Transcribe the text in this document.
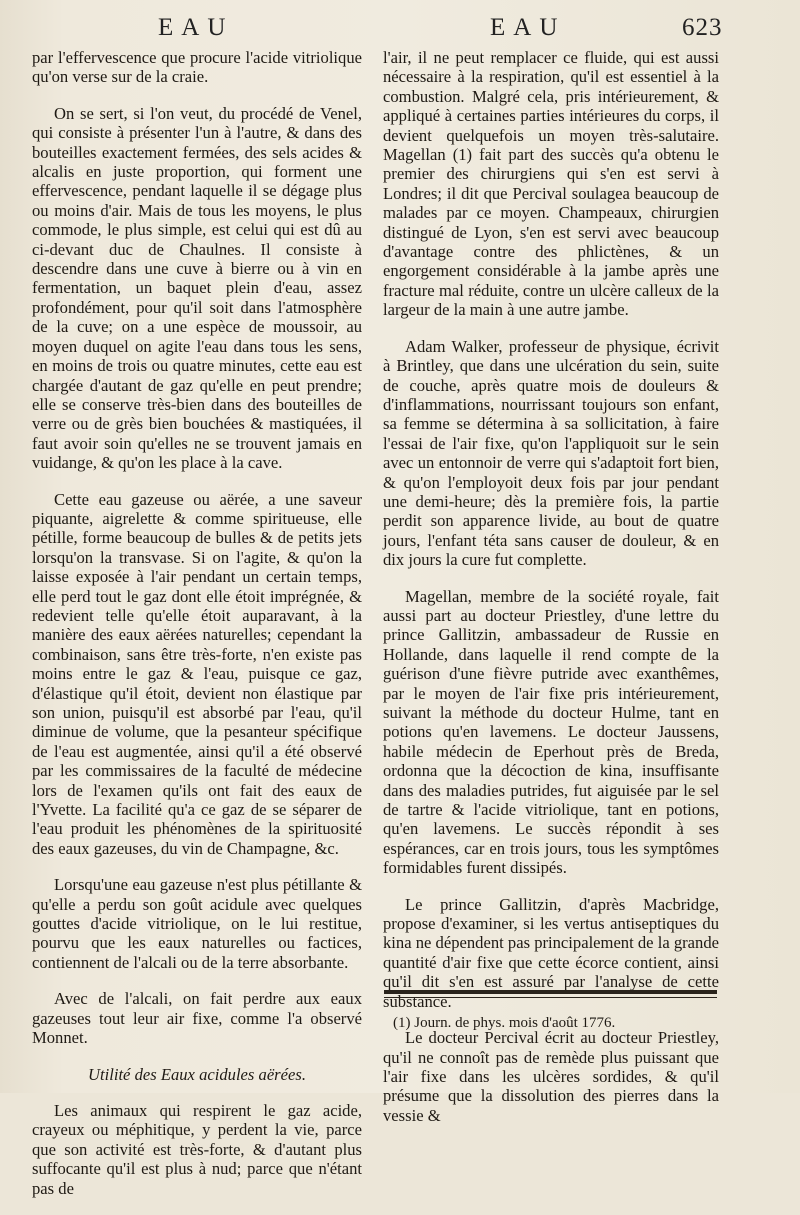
EAU	EAU	623

par l'effervescence que procure l'acide vitriolique qu'on verse sur de la craie.

On se sert, si l'on veut, du procédé de Venel, qui consiste à présenter l'un à l'autre, & dans des bouteilles exactement fermées, des sels acides & alcalis en juste proportion, qui forment une effervescence, pendant laquelle il se dégage plus ou moins d'air. Mais de tous les moyens, le plus commode, le plus simple, est celui qui est dû au ci-devant duc de Chaulnes. Il consiste à descendre dans une cuve à bierre ou à vin en fermentation, un baquet plein d'eau, assez profondément, pour qu'il soit dans l'atmosphère de la cuve; on a une espèce de moussoir, au moyen duquel on agite l'eau dans tous les sens, en moins de trois ou quatre minutes, cette eau est chargée d'autant de gaz qu'elle en peut prendre; elle se conserve très-bien dans des bouteilles de verre ou de grès bien bouchées & mastiquées, il faut avoir soin qu'elles ne se trouvent jamais en vuidange, & qu'on les place à la cave.

Cette eau gazeuse ou aërée, a une saveur piquante, aigrelette & comme spiritueuse, elle pétille, forme beaucoup de bulles & de petits jets lorsqu'on la transvase. Si on l'agite, & qu'on la laisse exposée à l'air pendant un certain temps, elle perd tout le gaz dont elle étoit imprégnée, & redevient telle qu'elle étoit auparavant, à la manière des eaux aërées naturelles; cependant la combinaison, sans être très-forte, n'en existe pas moins entre le gaz & l'eau, puisque ce gaz, d'élastique qu'il étoit, devient non élastique par son union, puisqu'il est absorbé par l'eau, qu'il diminue de volume, que la pesanteur spécifique de l'eau est augmentée, ainsi qu'il a été observé par les commissaires de la faculté de médecine lors de l'examen qu'ils ont fait des eaux de l'Yvette. La facilité qu'a ce gaz de se séparer de l'eau produit les phénomènes de la spirituosité des eaux gazeuses, du vin de Champagne, &c.

Lorsqu'une eau gazeuse n'est plus pétillante & qu'elle a perdu son goût acidule avec quelques gouttes d'acide vitriolique, on le lui restitue, pourvu que les eaux naturelles ou factices, contiennent de l'alcali ou de la terre absorbante.

Avec de l'alcali, on fait perdre aux eaux gazeuses tout leur air fixe, comme l'a observé Monnet.

Utilité des Eaux acidules aërées.

Les animaux qui respirent le gaz acide, crayeux ou méphitique, y perdent la vie, parce que son activité est très-forte, & d'autant plus suffocante qu'il est plus à nud; parce que n'étant pas de

l'air, il ne peut remplacer ce fluide, qui est aussi nécessaire à la respiration, qu'il est essentiel à la combustion. Malgré cela, pris intérieurement, & appliqué à certaines parties intérieures du corps, il devient quelquefois un moyen très-salutaire. Magellan (1) fait part des succès qu'a obtenu le premier des chirurgiens qui s'en est servi à Londres; il dit que Percival soulagea beaucoup de malades par ce moyen. Champeaux, chirurgien distingué de Lyon, s'en est servi avec beaucoup d'avantage contre des phlictènes, & un engorgement considérable à la jambe après une fracture mal réduite, contre un ulcère calleux de la largeur de la main à une autre jambe.

Adam Walker, professeur de physique, écrivit à Brintley, que dans une ulcération du sein, suite de couche, après quatre mois de douleurs & d'inflammations, nourrissant toujours son enfant, sa femme se détermina à sa sollicitation, à faire l'essai de l'air fixe, qu'on l'appliquoit sur le sein avec un entonnoir de verre qui s'adaptoit fort bien, & qu'on l'employoit deux fois par jour pendant une demi-heure; dès la première fois, la partie perdit son apparence livide, au bout de quatre jours, l'enfant téta sans causer de douleur, & en dix jours la cure fut complette.

Magellan, membre de la société royale, fait aussi part au docteur Priestley, d'une lettre du prince Gallitzin, ambassadeur de Russie en Hollande, dans laquelle il rend compte de la guérison d'une fièvre putride avec exanthêmes, par le moyen de l'air fixe pris intérieurement, suivant la méthode du docteur Hulme, tant en potions qu'en lavemens. Le docteur Jaussens, habile médecin de Eperhout près de Breda, ordonna que la décoction de kina, insuffisante dans des maladies putrides, fut aiguisée par le sel de tartre & l'acide vitriolique, tant en potions, qu'en lavemens. Le succès répondit à ses espérances, car en trois jours, tous les symptômes formidables furent dissipés.

Le prince Gallitzin, d'après Macbridge, propose d'examiner, si les vertus antiseptiques du kina ne dépendent pas principalement de la grande quantité d'air fixe que cette écorce contient, ainsi qu'il dit s'en est assuré par l'analyse de cette substance.

Le docteur Percival écrit au docteur Priestley, qu'il ne connoît pas de remède plus puissant que l'air fixe dans les ulcères sordides, & qu'il présume que la dissolution des pierres dans la vessie &

(1) Journ. de phys. mois d'août 1776.
